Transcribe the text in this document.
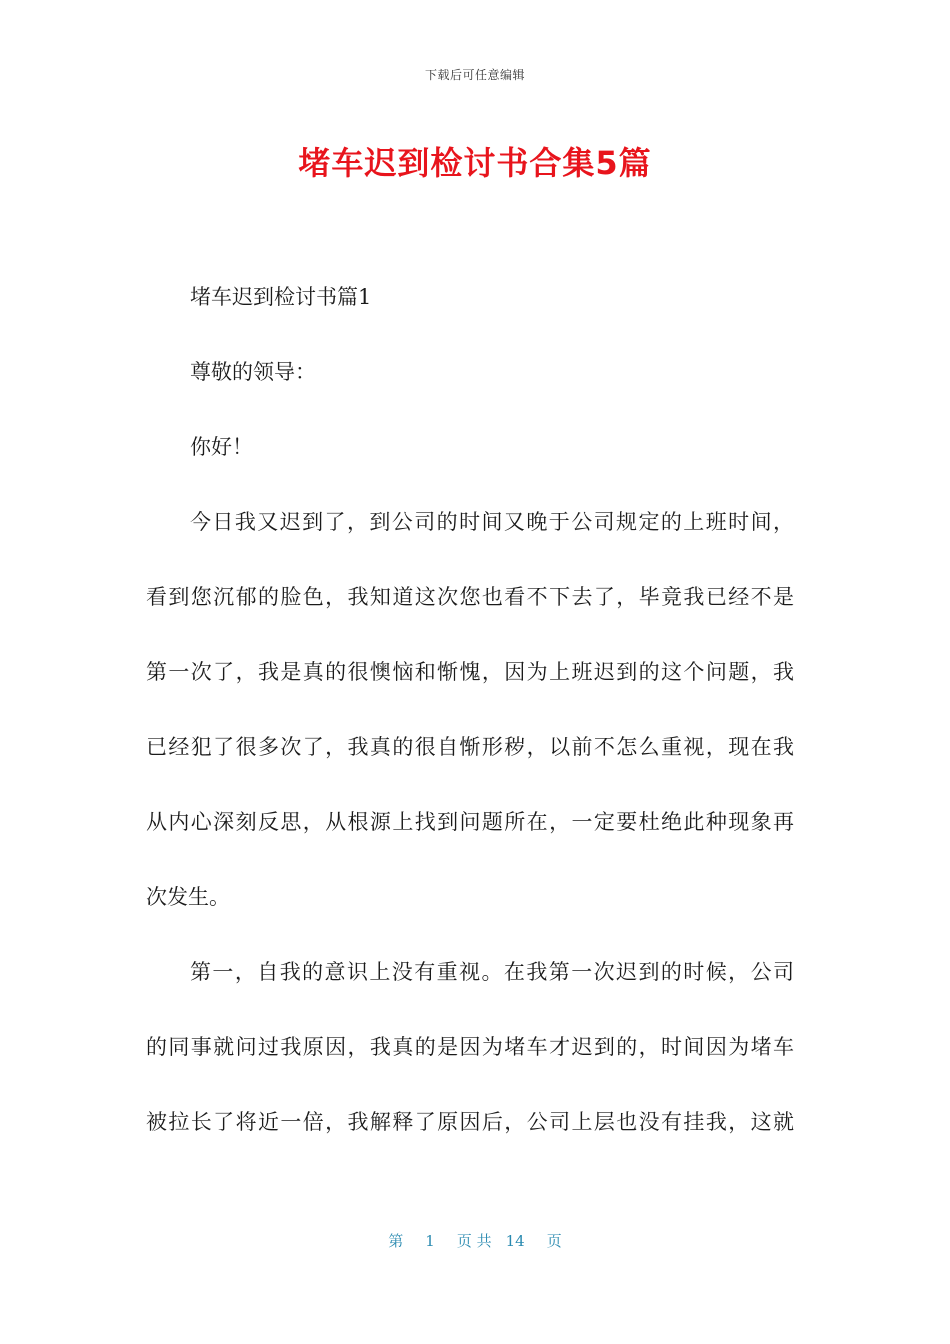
下载后可任意编辑
堵车迟到检讨书合集5篇
堵车迟到检讨书篇1
尊敬的领导：
你好！
今日我又迟到了，到公司的时间又晚于公司规定的上班时间，
看到您沉郁的脸色，我知道这次您也看不下去了，毕竟我已经不是
第一次了，我是真的很懊恼和惭愧，因为上班迟到的这个问题，我
已经犯了很多次了，我真的很自惭形秽，以前不怎么重视，现在我
从内心深刻反思，从根源上找到问题所在，一定要杜绝此种现象再
次发生。
第一，自我的意识上没有重视。在我第一次迟到的时候，公司
的同事就问过我原因，我真的是因为堵车才迟到的，时间因为堵车
被拉长了将近一倍，我解释了原因后，公司上层也没有挂我，这就
第 1 页 共 14 页
